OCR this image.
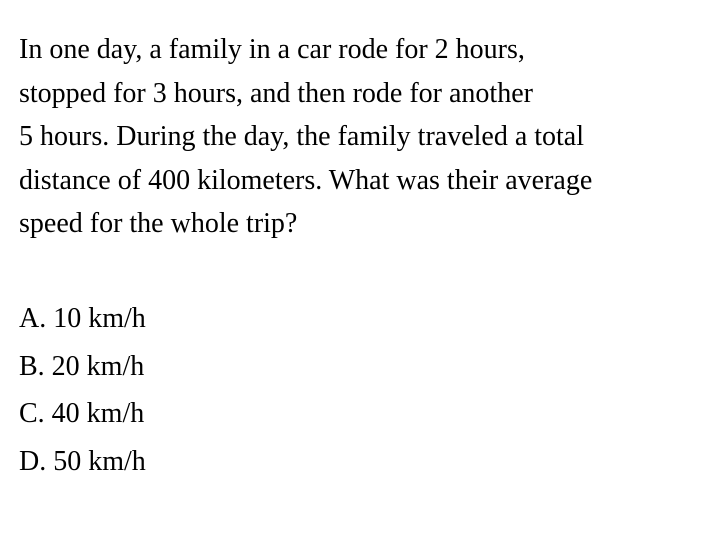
In one day, a family in a car rode for 2 hours,
stopped for 3 hours, and then rode for another
5 hours. During the day, the family traveled a total
distance of 400 kilometers. What was their average
speed for the whole trip?
A. 10 km/h
B. 20 km/h
C. 40 km/h
D. 50 km/h
